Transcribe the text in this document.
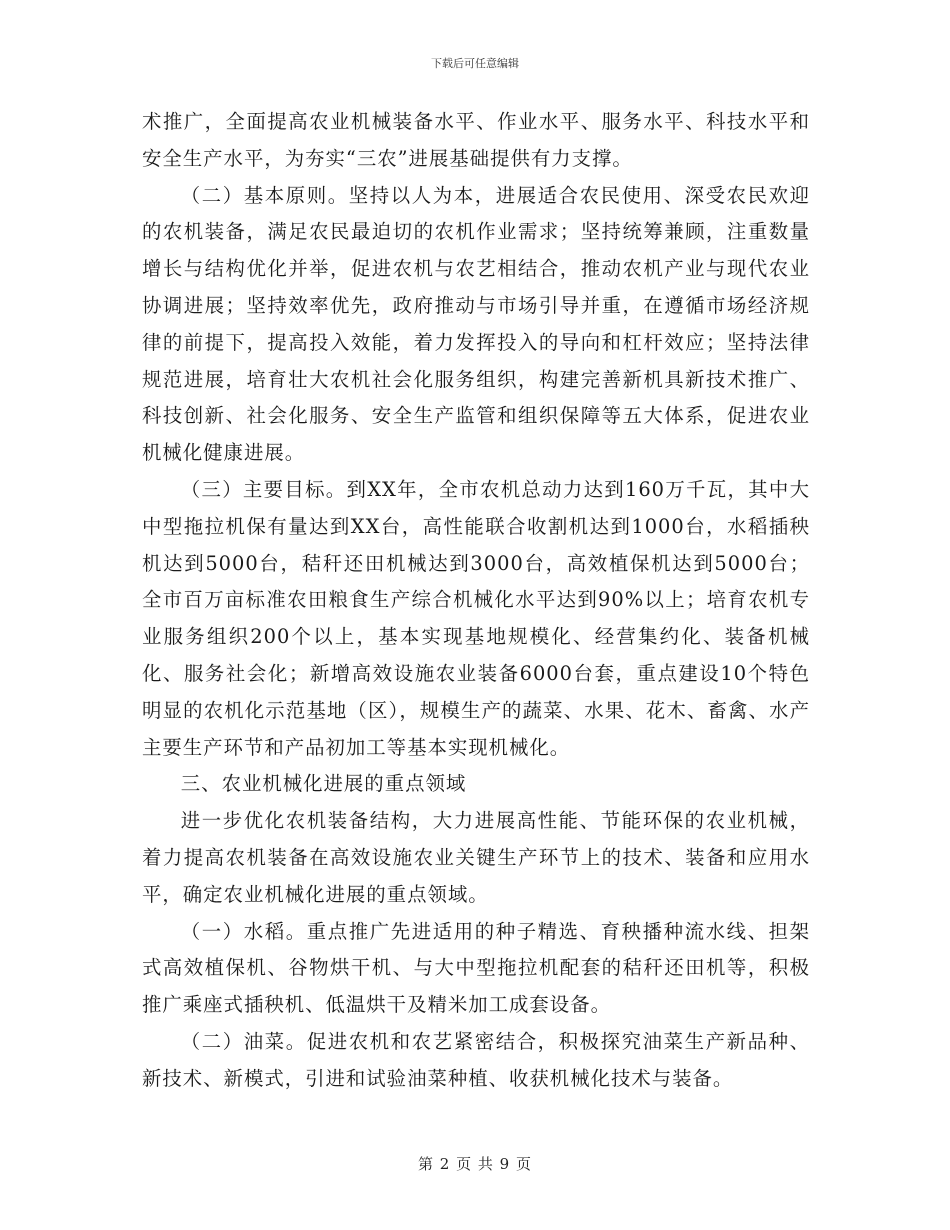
下载后可任意编辑

术推广，全面提高农业机械装备水平、作业水平、服务水平、科技水平和安全生产水平，为夯实“三农”进展基础提供有力支撑。

（二）基本原则。坚持以人为本，进展适合农民使用、深受农民欢迎的农机装备，满足农民最迫切的农机作业需求；坚持统筹兼顾，注重数量增长与结构优化并举，促进农机与农艺相结合，推动农机产业与现代农业协调进展；坚持效率优先，政府推动与市场引导并重，在遵循市场经济规律的前提下，提高投入效能，着力发挥投入的导向和杠杆效应；坚持法律规范进展，培育壮大农机社会化服务组织，构建完善新机具新技术推广、科技创新、社会化服务、安全生产监管和组织保障等五大体系，促进农业机械化健康进展。

（三）主要目标。到XX年，全市农机总动力达到160万千瓦，其中大中型拖拉机保有量达到XX台，高性能联合收割机达到1000台，水稻插秧机达到5000台，秸秆还田机械达到3000台，高效植保机达到5000台；全市百万亩标准农田粮食生产综合机械化水平达到90%以上；培育农机专业服务组织200个以上，基本实现基地规模化、经营集约化、装备机械化、服务社会化；新增高效设施农业装备6000台套，重点建设10个特色明显的农机化示范基地（区），规模生产的蔬菜、水果、花木、畜禽、水产主要生产环节和产品初加工等基本实现机械化。

三、农业机械化进展的重点领域

进一步优化农机装备结构，大力进展高性能、节能环保的农业机械，着力提高农机装备在高效设施农业关键生产环节上的技术、装备和应用水平，确定农业机械化进展的重点领域。

（一）水稻。重点推广先进适用的种子精选、育秧播种流水线、担架式高效植保机、谷物烘干机、与大中型拖拉机配套的秸秆还田机等，积极推广乘座式插秧机、低温烘干及精米加工成套设备。

（二）油菜。促进农机和农艺紧密结合，积极探究油菜生产新品种、新技术、新模式，引进和试验油菜种植、收获机械化技术与装备。

第 2 页 共 9 页
